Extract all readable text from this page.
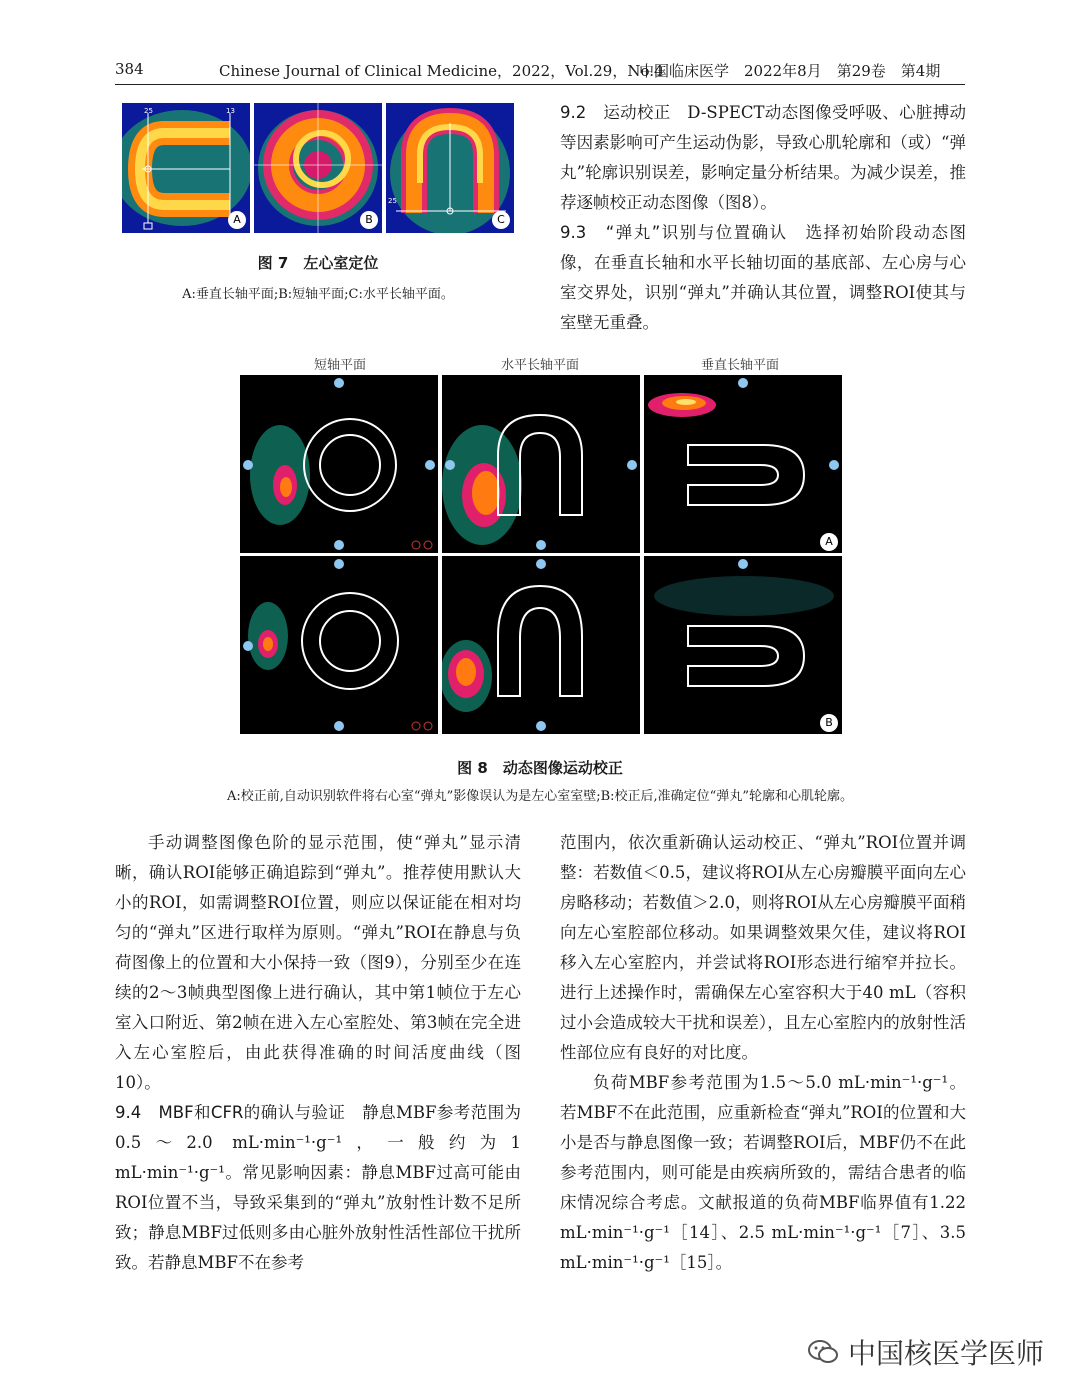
384	Chinese Journal of Clinical Medicine，2022，Vol.29，No.4
中国临床医学　2022年8月　第29卷　第4期
25	13
A	B
25
C
图 7　左心室定位
A:垂直长轴平面;B:短轴平面;C:水平长轴平面。

9.2　运动校正　 D-SPECT动态图像受呼吸、心脏搏动等因素影响可产生运动伪影，导致心肌轮廓和（或）“弹丸”轮廓识别误差，影响定量分析结果。为减少误差，推荐逐帧校正动态图像（图8）。

9.3　“弹丸”识别与位置确认　 选择初始阶段动态图像，在垂直长轴和水平长轴切面的基底部、左心房与心室交界处，识别“弹丸”并确认其位置，调整ROI使其与室壁无重叠。

短轴平面	水平长轴平面	垂直长轴平面
A
B
图 8　动态图像运动校正
A:校正前,自动识别软件将右心室“弹丸”影像误认为是左心室室壁;B:校正后,准确定位“弹丸”轮廓和心肌轮廓。

手动调整图像色阶的显示范围，使“弹丸”显示清晰，确认ROI能够正确追踪到“弹丸”。推荐使用默认大小的ROI，如需调整ROI位置，则应以保证能在相对均匀的“弹丸”区进行取样为原则。“弹丸”ROI在静息与负荷图像上的位置和大小保持一致（图9），分别至少在连续的2～3帧典型图像上进行确认，其中第1帧位于左心室入口附近、第2帧在进入左心室腔处、第3帧在完全进入左心室腔后，由此获得准确的时间活度曲线（图10）。

9.4　MBF和CFR的确认与验证　 静息MBF参考范围为0.5～2.0 mL·min⁻¹·g⁻¹，一般约为1 mL·min⁻¹·g⁻¹。常见影响因素：静息MBF过高可能由ROI位置不当，导致采集到的“弹丸”放射性计数不足所致；静息MBF过低则多由心脏外放射性活性部位干扰所致。若静息MBF不在参考

范围内，依次重新确认运动校正、“弹丸”ROI位置并调整：若数值＜0.5，建议将ROI从左心房瓣膜平面向左心房略移动；若数值＞2.0，则将ROI从左心房瓣膜平面稍向左心室腔部位移动。如果调整效果欠佳，建议将ROI移入左心室腔内，并尝试将ROI形态进行缩窄并拉长。进行上述操作时，需确保左心室容积大于40 mL（容积过小会造成较大干扰和误差），且左心室腔内的放射性活性部位应有良好的对比度。

负荷MBF参考范围为1.5～5.0 mL·min⁻¹·g⁻¹。若MBF不在此范围，应重新检查“弹丸”ROI的位置和大小是否与静息图像一致；若调整ROI后，MBF仍不在此参考范围内，则可能是由疾病所致的，需结合患者的临床情况综合考虑。文献报道的负荷MBF临界值有1.22 mL·min⁻¹·g⁻¹［14］、2.5 mL·min⁻¹·g⁻¹［7］、3.5 mL·min⁻¹·g⁻¹［15］。

中国核医学医师
